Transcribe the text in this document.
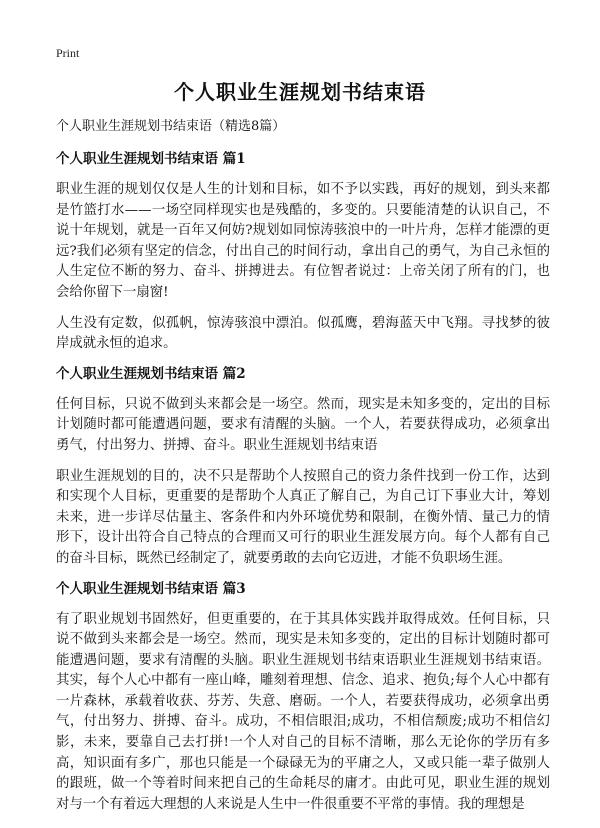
Print
个人职业生涯规划书结束语

个人职业生涯规划书结束语（精选8篇）

个人职业生涯规划书结束语 篇1

职业生涯的规划仅仅是人生的计划和目标，如不予以实践，再好的规划，到头来都是竹篮打水——一场空同样现实也是残酷的，多变的。只要能清楚的认识自己，不说十年规划，就是一百年又何妨?规划如同惊涛骇浪中的一叶片舟，怎样才能漂的更远?我们必须有坚定的信念，付出自己的时间行动，拿出自己的勇气，为自己永恒的人生定位不断的努力、奋斗、拼搏进去。有位智者说过：上帝关闭了所有的门，也会给你留下一扇窗!

人生没有定数，似孤帆，惊涛骇浪中漂泊。似孤鹰，碧海蓝天中飞翔。寻找梦的彼岸成就永恒的追求。

个人职业生涯规划书结束语 篇2

任何目标，只说不做到头来都会是一场空。然而，现实是未知多变的，定出的目标计划随时都可能遭遇问题，要求有清醒的头脑。一个人，若要获得成功，必须拿出勇气，付出努力、拼搏、奋斗。职业生涯规划书结束语

职业生涯规划的目的，决不只是帮助个人按照自己的资力条件找到一份工作，达到和实现个人目标，更重要的是帮助个人真正了解自己，为自己订下事业大计，筹划未来，进一步详尽估量主、客条件和内外环境优势和限制，在衡外情、量己力的情形下，设计出符合自己特点的合理而又可行的职业生涯发展方向。每个人都有自己的奋斗目标，既然已经制定了，就要勇敢的去向它迈进，才能不负职场生涯。

个人职业生涯规划书结束语 篇3

有了职业规划书固然好，但更重要的，在于其具体实践并取得成效。任何目标，只说不做到头来都会是一场空。然而，现实是未知多变的，定出的目标计划随时都可能遭遇问题，要求有清醒的头脑。职业生涯规划书结束语职业生涯规划书结束语。其实，每个人心中都有一座山峰，雕刻着理想、信念、追求、抱负;每个人心中都有一片森林，承载着收获、芬芳、失意、磨砺。一个人，若要获得成功，必须拿出勇气，付出努力、拼搏、奋斗。成功，不相信眼泪;成功，不相信颓废;成功不相信幻影，未来，要靠自己去打拼!一个人对自己的目标不清晰，那么无论你的学历有多高，知识面有多广，那也只能是一个碌碌无为的平庸之人，又或只能一辈子做别人的跟班，做一个等着时间来把自己的生命耗尽的庸才。由此可见，职业生涯的规划对与一个有着远大理想的人来说是人生中一件很重要不平常的事情。我的理想是
